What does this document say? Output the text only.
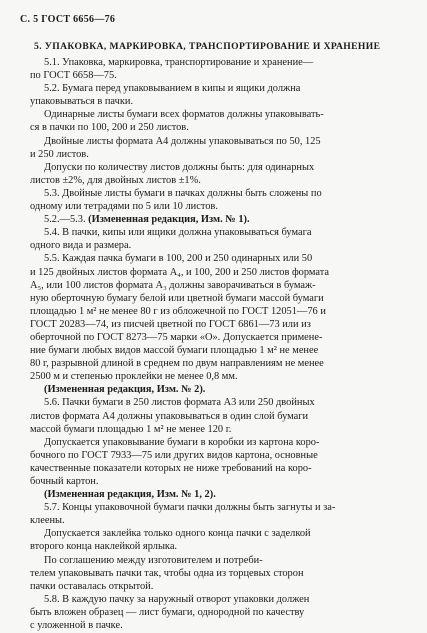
С. 5 ГОСТ 6656—76
5. УПАКОВКА, МАРКИРОВКА, ТРАНСПОРТИРОВАНИЕ И ХРАНЕНИЕ
5.1. Упаковка, маркировка, транспортирование и хранение—
по ГОСТ 6658—75.
5.2. Бумага перед упаковыванием в кипы и ящики должна
упаковываться в пачки.
Одинарные листы бумаги всех форматов должны упаковывать-
ся в пачки по 100, 200 и 250 листов.
Двойные листы формата А4 должны упаковываться по 50, 125
и 250 листов.
Допуски по количеству листов должны быть: для одинарных
листов ±2%, для двойных листов ±1%.
5.3. Двойные листы бумаги в пачках должны быть сложены по
одному или тетрадями по 5 или 10 листов.
5.2.—5.3. (Измененная редакция, Изм. № 1).
5.4. В пачки, кипы или ящики должна упаковываться бумага
одного вида и размера.
5.5. Каждая пачка бумаги в 100, 200 и 250 одинарных или 50
и 125 двойных листов формата А₄, и 100, 200 и 250 листов формата
А₅, или 100 листов формата А₃ должны заворачиваться в бумаж-
ную оберточную бумагу белой или цветной бумаги массой бумаги
площадью 1 м² не менее 80 г из обложечной по ГОСТ 12051—76 и
ГОСТ 20283—74, из писчей цветной по ГОСТ 6861—73 или из
оберточной по ГОСТ 8273—75 марки «О». Допускается примене-
ние бумаги любых видов массой бумаги площадью 1 м² не менее
80 г, разрывной длиной в среднем по двум направлениям не менее
2500 м и степенью проклейки не менее 0,8 мм.
(Измененная редакция, Изм. № 2).
5.6. Пачки бумаги в 250 листов формата А3 или 250 двойных
листов формата А4 должны упаковываться в один слой бумаги
массой бумаги площадью 1 м² не менее 120 г.
Допускается упаковывание бумаги в коробки из картона коро-
бочного по ГОСТ 7933—75 или других видов картона, основные
качественные показатели которых не ниже требований на коро-
бочный картон.
(Измененная редакция, Изм. № 1, 2).
5.7. Концы упаковочной бумаги пачки должны быть загнуты и за-
клеены.
Допускается заклейка только одного конца пачки с заделкой
второго конца наклейкой ярлыка.
По соглашению между изготовителем и потреби-
телем упаковывать пачки так, чтобы одна из торцевых сторон
пачки оставалась открытой.
5.8. В каждую пачку за наружный отворот упаковки должен
быть вложен образец — лист бумаги, однородной по качеству
с уложенной в пачке.
